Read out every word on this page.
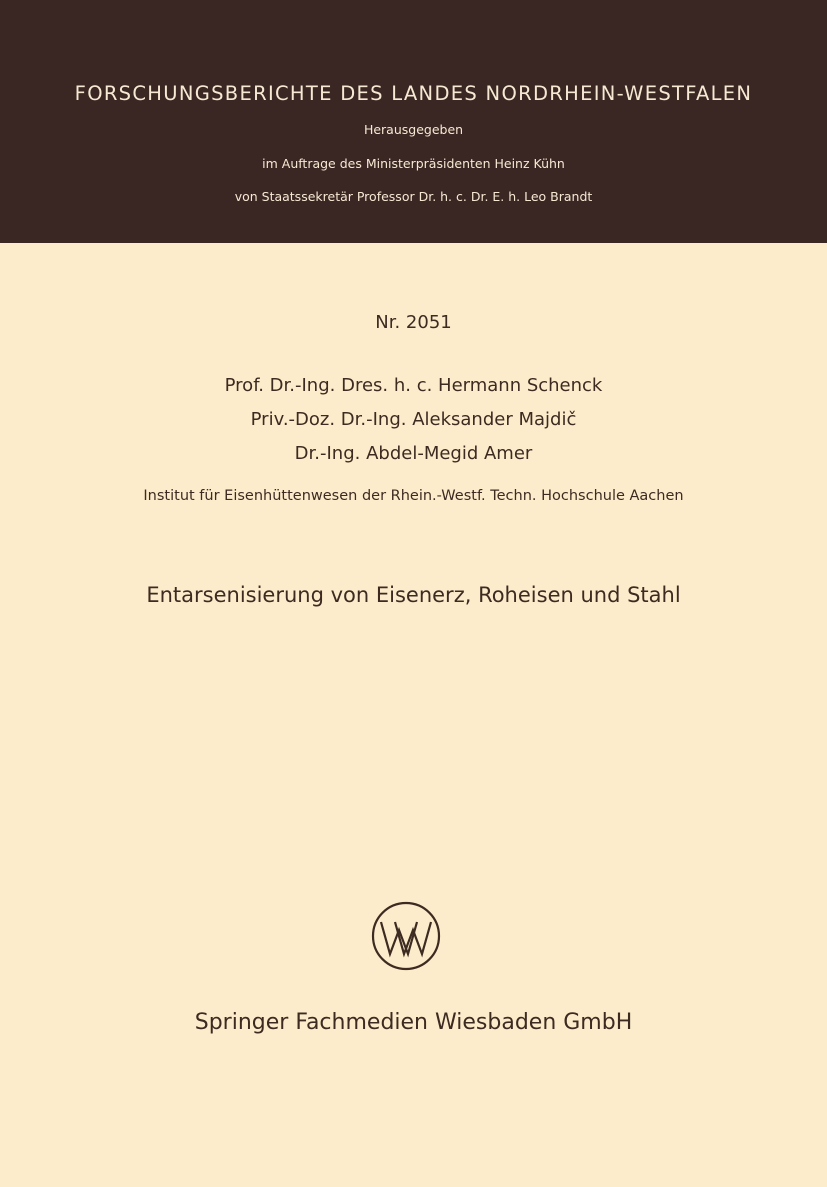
FORSCHUNGSBERICHTE DES LANDES NORDRHEIN-WESTFALEN
Herausgegeben
im Auftrage des Ministerpräsidenten Heinz Kühn
von Staatssekretär Professor Dr. h. c. Dr. E. h. Leo Brandt
Nr. 2051
Prof. Dr.-Ing. Dres. h. c. Hermann Schenck
Priv.-Doz. Dr.-Ing. Aleksander Majdič
Dr.-Ing. Abdel-Megid Amer
Institut für Eisenhüttenwesen der Rhein.-Westf. Techn. Hochschule Aachen
Entarsenisierung von Eisenerz, Roheisen und Stahl
Springer Fachmedien Wiesbaden GmbH
